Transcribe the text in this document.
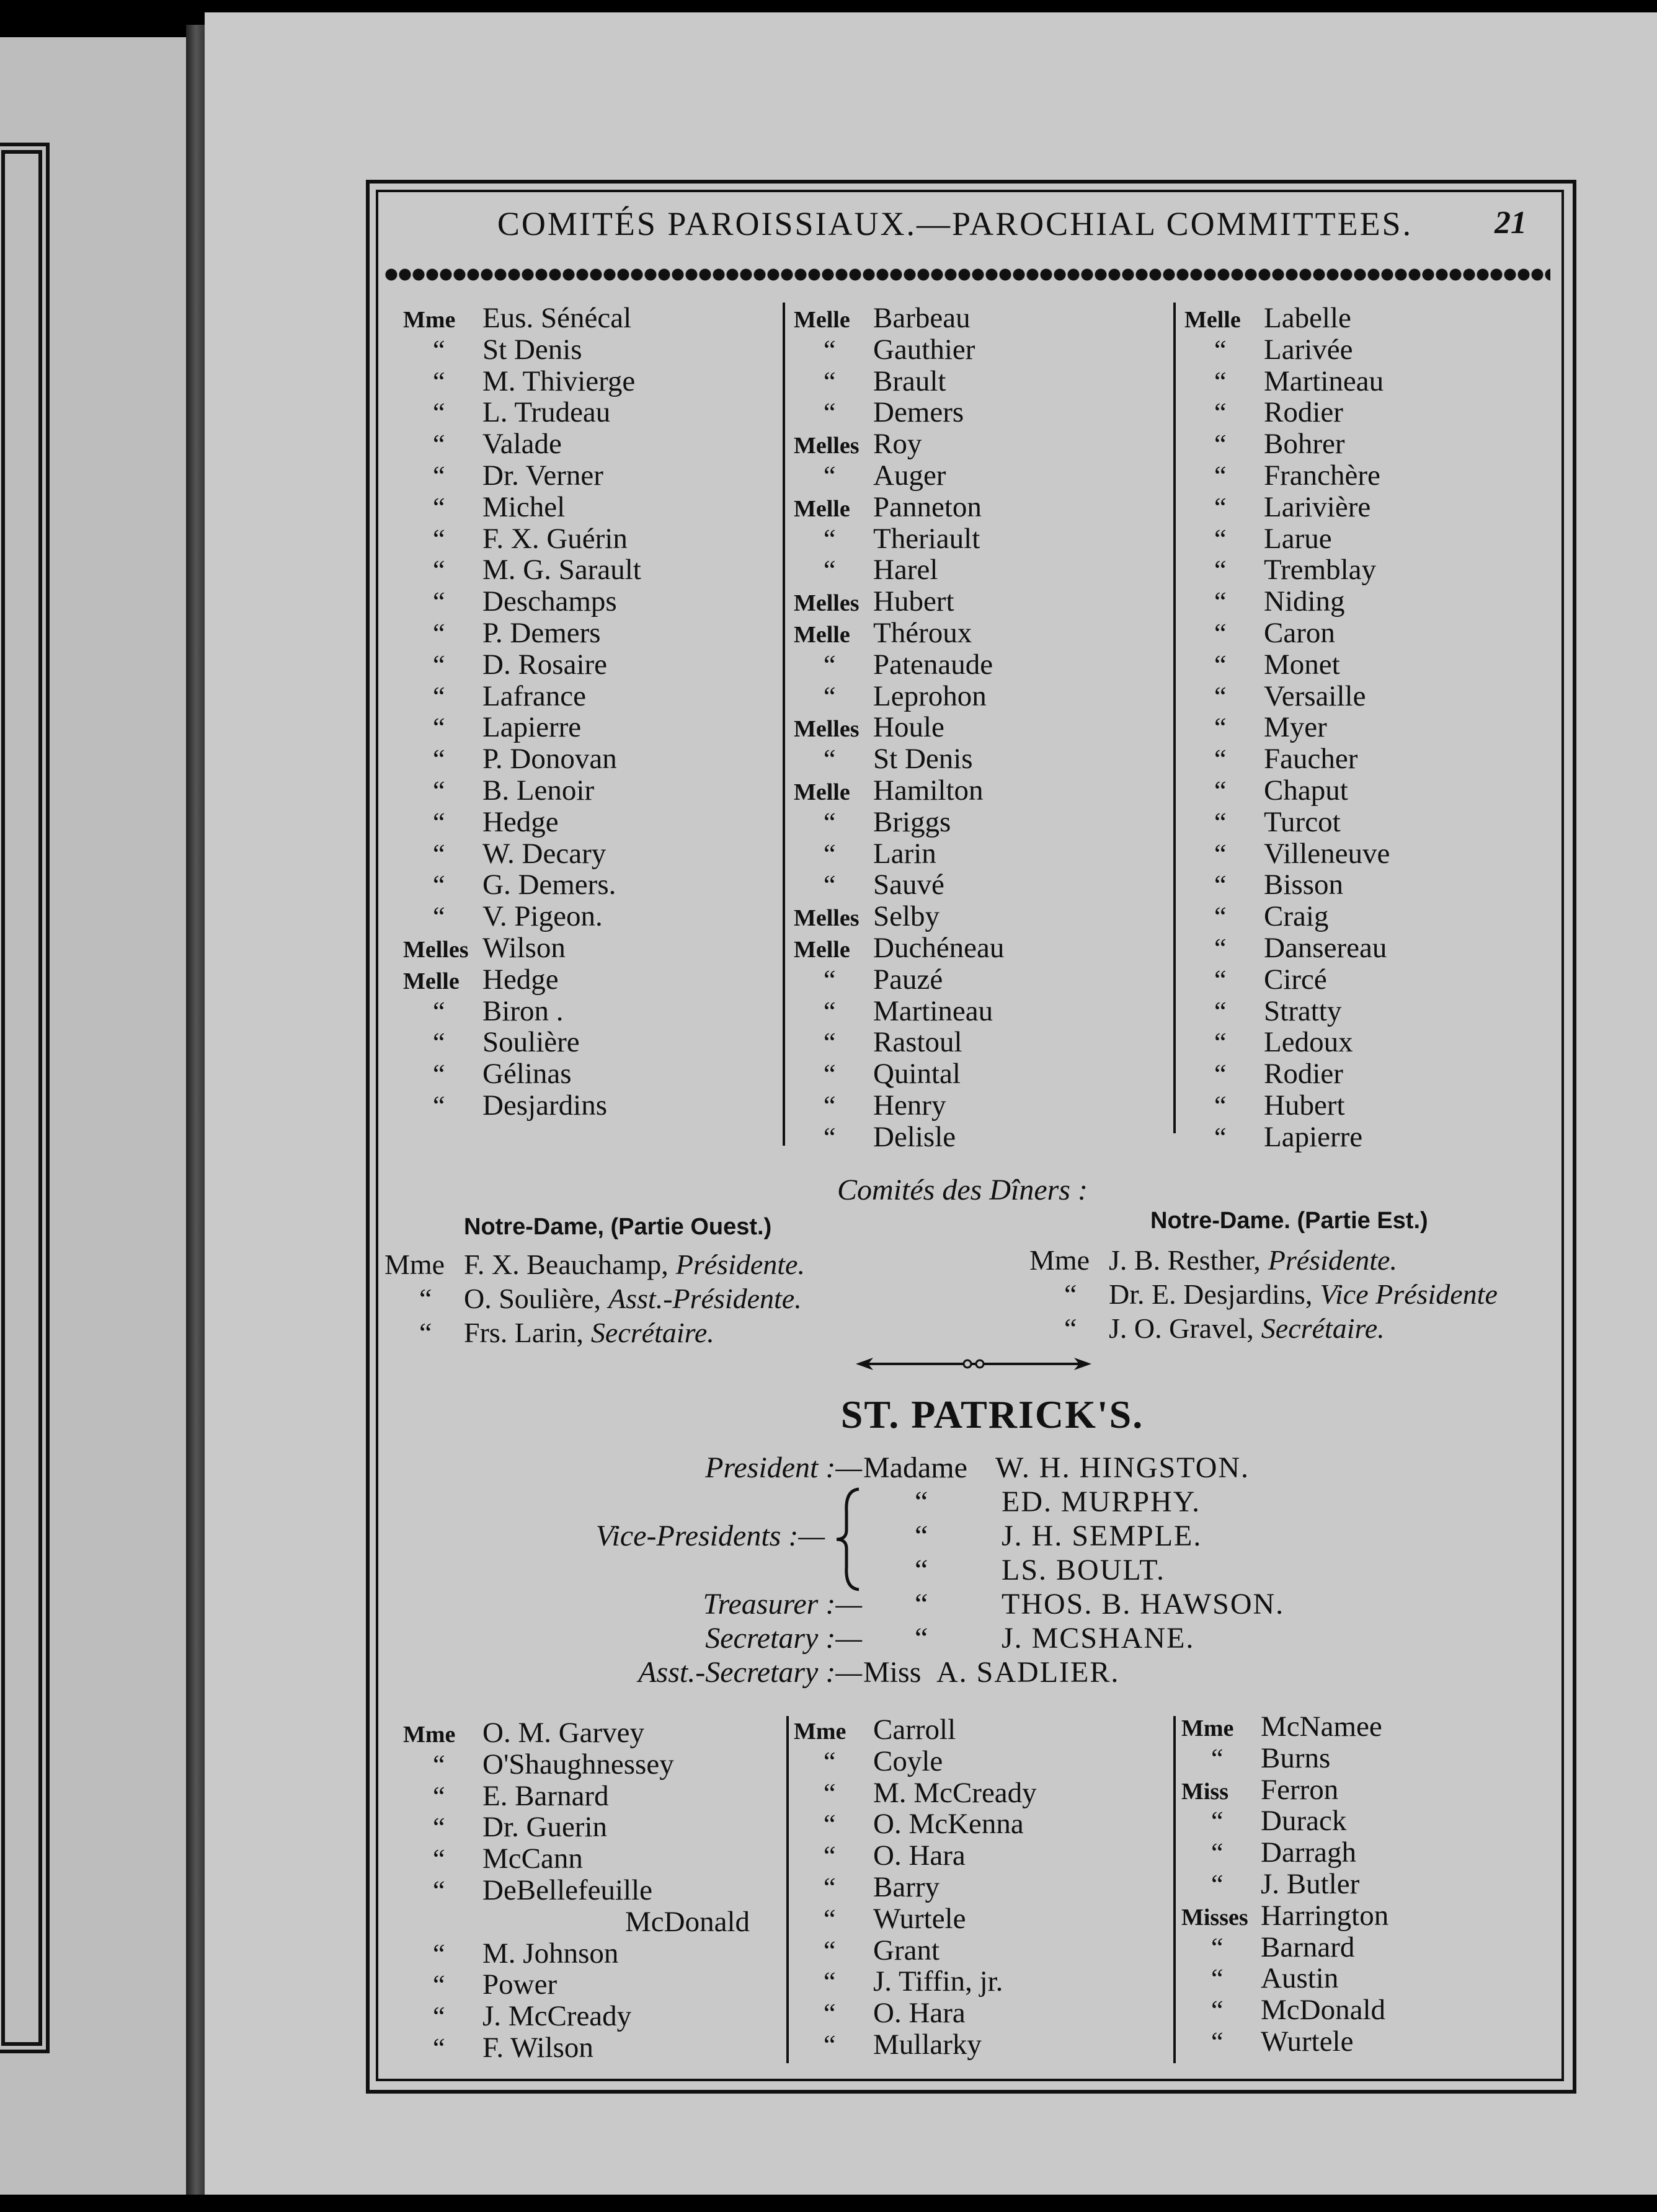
COMITÉS PAROISSIAUX.—PAROCHIAL COMMITTEES.	21
Mme Eus. Sénécal
“ St Denis
“ M. Thivierge
“ L. Trudeau
“ Valade
“ Dr. Verner
“ Michel
“ F. X. Guérin
“ M. G. Sarault
“ Deschamps
“ P. Demers
“ D. Rosaire
“ Lafrance
“ Lapierre
“ P. Donovan
“ B. Lenoir
“ Hedge
“ W. Decary
“ G. Demers.
“ V. Pigeon.
Melles Wilson
Melle Hedge
“ Biron .
“ Soulière
“ Gélinas
“ Desjardins
Melle Barbeau
“ Gauthier
“ Brault
“ Demers
Melles Roy
“ Auger
Melle Panneton
“ Theriault
“ Harel
Melles Hubert
Melle Théroux
“ Patenaude
“ Leprohon
Melles Houle
“ St Denis
Melle Hamilton
“ Briggs
“ Larin
“ Sauvé
Melles Selby
Melle Duchéneau
“ Pauzé
“ Martineau
“ Rastoul
“ Quintal
“ Henry
“ Delisle
Melle Labelle
“ Larivée
“ Martineau
“ Rodier
“ Bohrer
“ Franchère
“ Larivière
“ Larue
“ Tremblay
“ Niding
“ Caron
“ Monet
“ Versaille
“ Myer
“ Faucher
“ Chaput
“ Turcot
“ Villeneuve
“ Bisson
“ Craig
“ Dansereau
“ Circé
“ Stratty
“ Ledoux
“ Rodier
“ Hubert
“ Lapierre
Comités des Dîners :
Notre-Dame, (Partie Ouest.)	Notre-Dame. (Partie Est.)
Mme F. X. Beauchamp, Présidente.
“ O. Soulière, Asst.-Présidente.
“ Frs. Larin, Secrétaire.
Mme J. B. Resther, Présidente.
“ Dr. E. Desjardins, Vice Présidente
“ J. O. Gravel, Secrétaire.
ST. PATRICK'S.
President :— Madame W. H. HINGSTON.
“ ED. MURPHY.
Vice-Presidents :—	“ J. H. SEMPLE.
“ LS. BOULT.
Treasurer :— “ THOS. B. HAWSON.
Secretary :— “ J. MCSHANE.
Asst.-Secretary :— Miss A. SADLIER.
Mme O. M. Garvey
“ O'Shaughnessey
“ E. Barnard
“ Dr. Guerin
“ McCann
“ DeBellefeuille
McDonald
“ M. Johnson
“ Power
“ J. McCready
“ F. Wilson
Mme Carroll
“ Coyle
“ M. McCready
“ O. McKenna
“ O. Hara
“ Barry
“ Wurtele
“ Grant
“ J. Tiffin, jr.
“ O. Hara
“ Mullarky
Mme McNamee
“ Burns
Miss Ferron
“ Durack
“ Darragh
“ J. Butler
Misses Harrington
“ Barnard
“ Austin
“ McDonald
“ Wurtele
